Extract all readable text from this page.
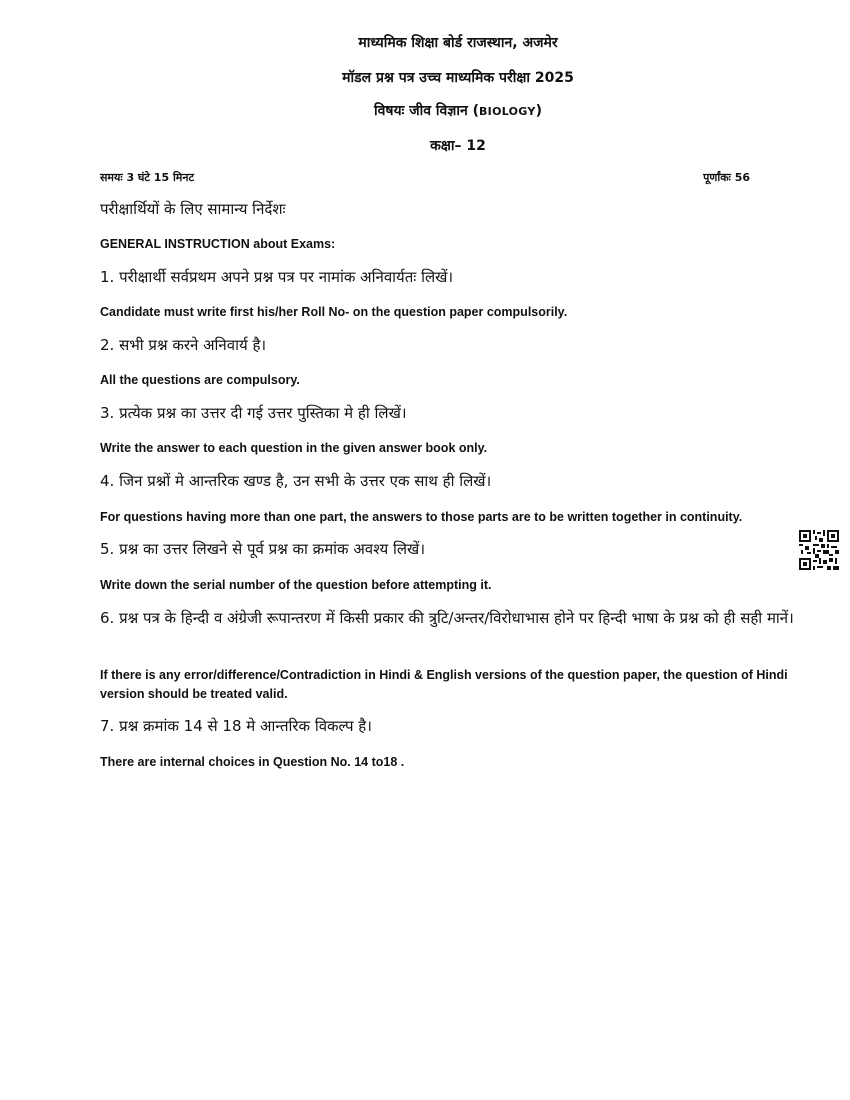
माध्यमिक शिक्षा बोर्ड राजस्थान, अजमेर
मॉडल प्रश्न पत्र उच्च माध्यमिक परीक्षा 2025
विषयः जीव विज्ञान (BIOLOGY)
कक्षा– 12
समयः 3 घंटे 15 मिनट	पूर्णांकः 56
परीक्षार्थियों के लिए सामान्य निर्देशः
GENERAL INSTRUCTION about Exams:
1. परीक्षार्थी सर्वप्रथम अपने प्रश्न पत्र पर नामांक अनिवार्यतः लिखें।
Candidate must write first his/her Roll No- on the question paper compulsorily.
2. सभी प्रश्न करने अनिवार्य है।
All the questions are compulsory.
3. प्रत्येक प्रश्न का उत्तर दी गई उत्तर पुस्तिका मे ही लिखें।
Write the answer to each question in the given answer book only.
4. जिन प्रश्नों मे आन्तरिक खण्ड है, उन सभी के उत्तर एक साथ ही लिखें।
For questions having more than one part, the answers to those parts are to be written together in continuity.
5. प्रश्न का उत्तर लिखने से पूर्व प्रश्न का क्रमांक अवश्य लिखें।
Write down the serial number of the question before attempting it.
6. प्रश्न पत्र के हिन्दी व अंग्रेजी रूपान्तरण में किसी प्रकार की त्रुटि/अन्तर/विरोधाभास होने पर हिन्दी भाषा के प्रश्न को ही सही मानें।
If there is any error/difference/Contradiction in Hindi & English versions of the question paper, the question of Hindi version should be treated valid.
7. प्रश्न क्रमांक 14 से 18 मे आन्तरिक विकल्प है।
There are internal choices in Question No. 14 to18 .
